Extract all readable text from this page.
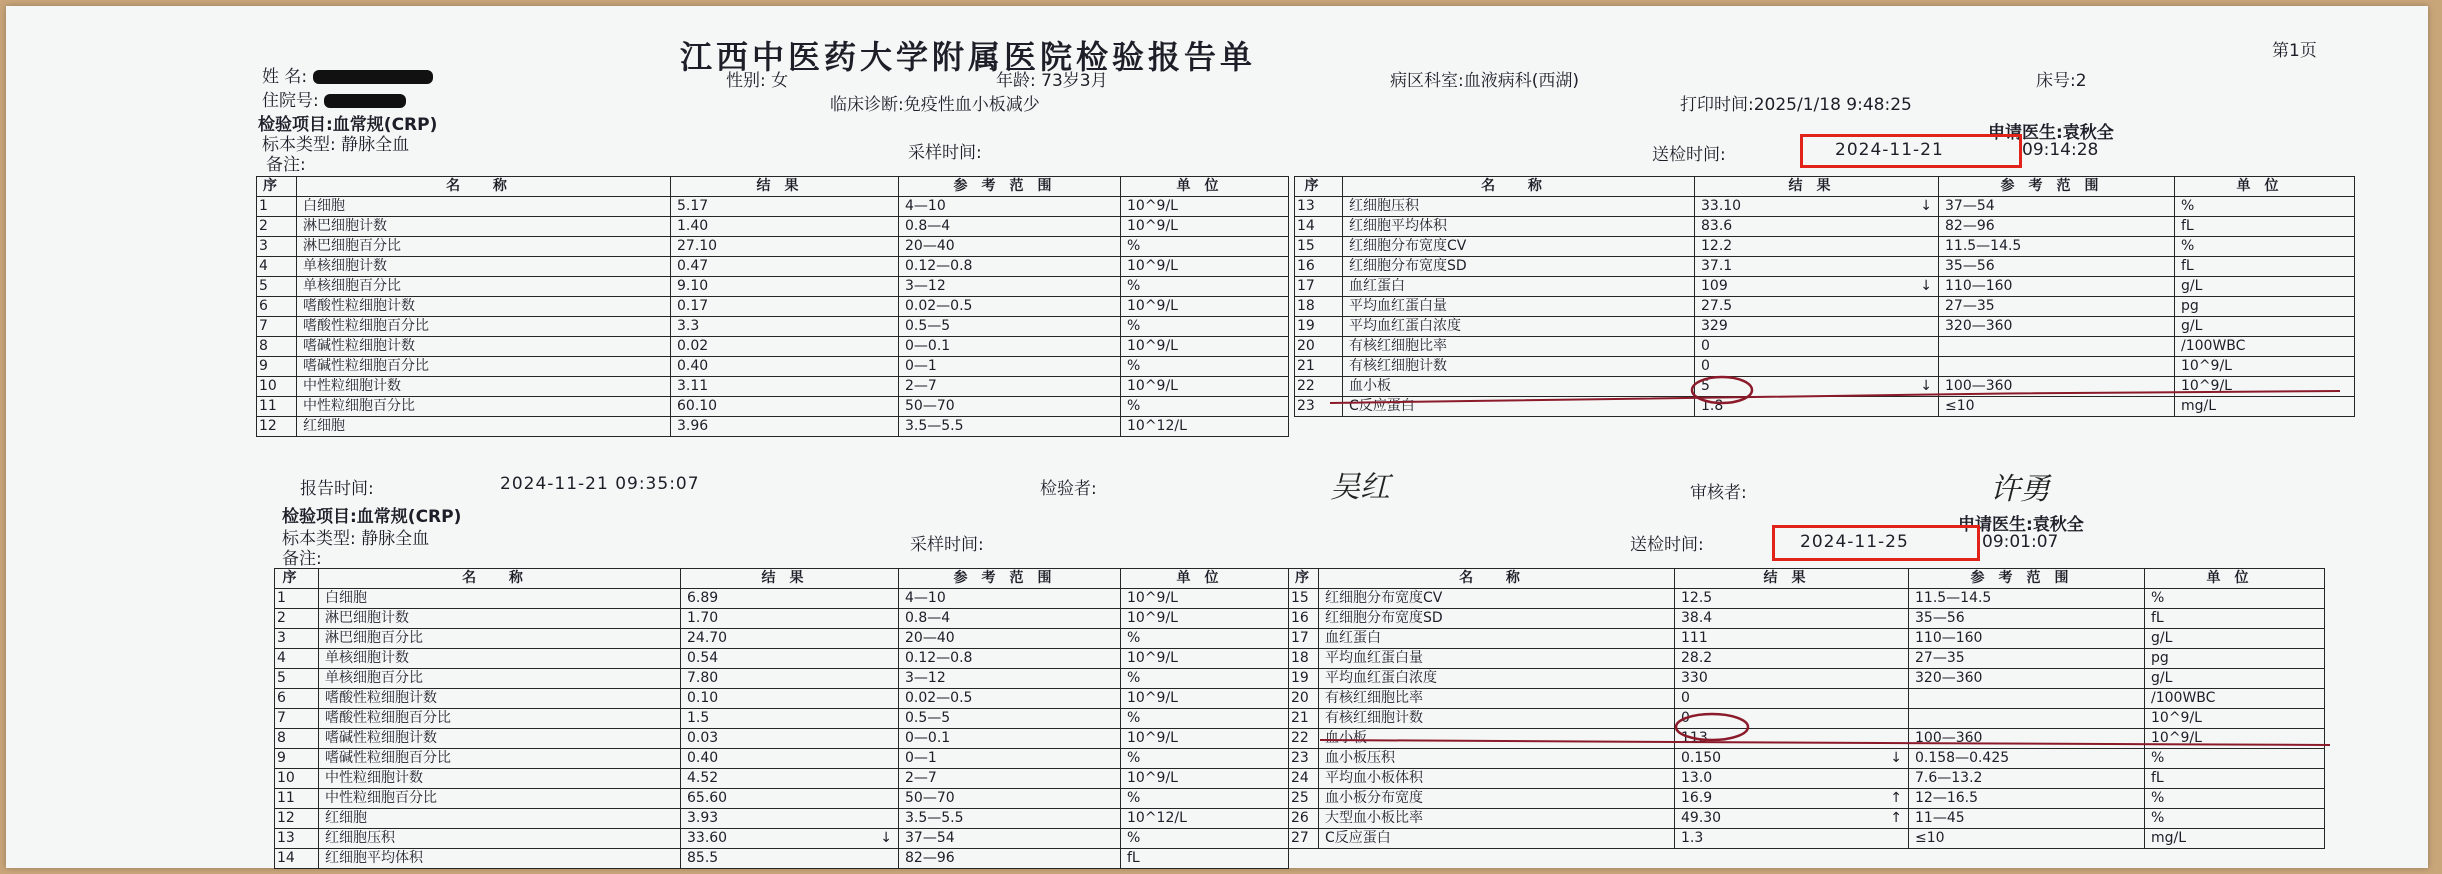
江西中医药大学附属医院检验报告单	第1页
姓 名:
住院号:
性别: 女	年龄: 73岁3月	病区科室:血液病科(西湖)	床号:2
临床诊断:免疫性血小板减少	打印时间:2025/1/18 9:48:25
检验项目:血常规(CRP)	申请医生:袁秋全
标本类型: 静脉全血	采样时间:	送检时间:	2024-11-21	09:14:28
备注:
序	名 称	结果	参考范围	单位
1	白细胞	5.17	4—10	10^9/L
2	淋巴细胞计数	1.40	0.8—4	10^9/L
3	淋巴细胞百分比	27.10	20—40	%
4	单核细胞计数	0.47	0.12—0.8	10^9/L
5	单核细胞百分比	9.10	3—12	%
6	嗜酸性粒细胞计数	0.17	0.02—0.5	10^9/L
7	嗜酸性粒细胞百分比	3.3	0.5—5	%
8	嗜碱性粒细胞计数	0.02	0—0.1	10^9/L
9	嗜碱性粒细胞百分比	0.40	0—1	%
10	中性粒细胞计数	3.11	2—7	10^9/L
11	中性粒细胞百分比	60.10	50—70	%
12	红细胞	3.96	3.5—5.5	10^12/L
序	名 称	结果	参考范围	单位
13	红细胞压积	33.10 ↓	37—54	%
14	红细胞平均体积	83.6	82—96	fL
15	红细胞分布宽度CV	12.2	11.5—14.5	%
16	红细胞分布宽度SD	37.1	35—56	fL
17	血红蛋白	109 ↓	110—160	g/L
18	平均血红蛋白量	27.5	27—35	pg
19	平均血红蛋白浓度	329	320—360	g/L
20	有核红细胞比率	0		/100WBC
21	有核红细胞计数	0		10^9/L
22	血小板	5 ↓	100—360	10^9/L
23	C反应蛋白	1.8	≤10	mg/L
报告时间:	2024-11-21 09:35:07	检验者:	吴红	审核者:	许勇
检验项目:血常规(CRP)	申请医生:袁秋全
标本类型: 静脉全血	采样时间:	送检时间:	2024-11-25	09:01:07
备注:
序	名 称	结果	参考范围	单位
1	白细胞	6.89	4—10	10^9/L
2	淋巴细胞计数	1.70	0.8—4	10^9/L
3	淋巴细胞百分比	24.70	20—40	%
4	单核细胞计数	0.54	0.12—0.8	10^9/L
5	单核细胞百分比	7.80	3—12	%
6	嗜酸性粒细胞计数	0.10	0.02—0.5	10^9/L
7	嗜酸性粒细胞百分比	1.5	0.5—5	%
8	嗜碱性粒细胞计数	0.03	0—0.1	10^9/L
9	嗜碱性粒细胞百分比	0.40	0—1	%
10	中性粒细胞计数	4.52	2—7	10^9/L
11	中性粒细胞百分比	65.60	50—70	%
12	红细胞	3.93	3.5—5.5	10^12/L
13	红细胞压积	33.60 ↓	37—54	%
14	红细胞平均体积	85.5	82—96	fL
序	名 称	结果	参考范围	单位
15	红细胞分布宽度CV	12.5	11.5—14.5	%
16	红细胞分布宽度SD	38.4	35—56	fL
17	血红蛋白	111	110—160	g/L
18	平均血红蛋白量	28.2	27—35	pg
19	平均血红蛋白浓度	330	320—360	g/L
20	有核红细胞比率	0		/100WBC
21	有核红细胞计数	0		10^9/L
22	血小板	113	100—360	10^9/L
23	血小板压积	0.150 ↓	0.158—0.425	%
24	平均血小板体积	13.0	7.6—13.2	fL
25	血小板分布宽度	16.9 ↑	12—16.5	%
26	大型血小板比率	49.30 ↑	11—45	%
27	C反应蛋白	1.3	≤10	mg/L
